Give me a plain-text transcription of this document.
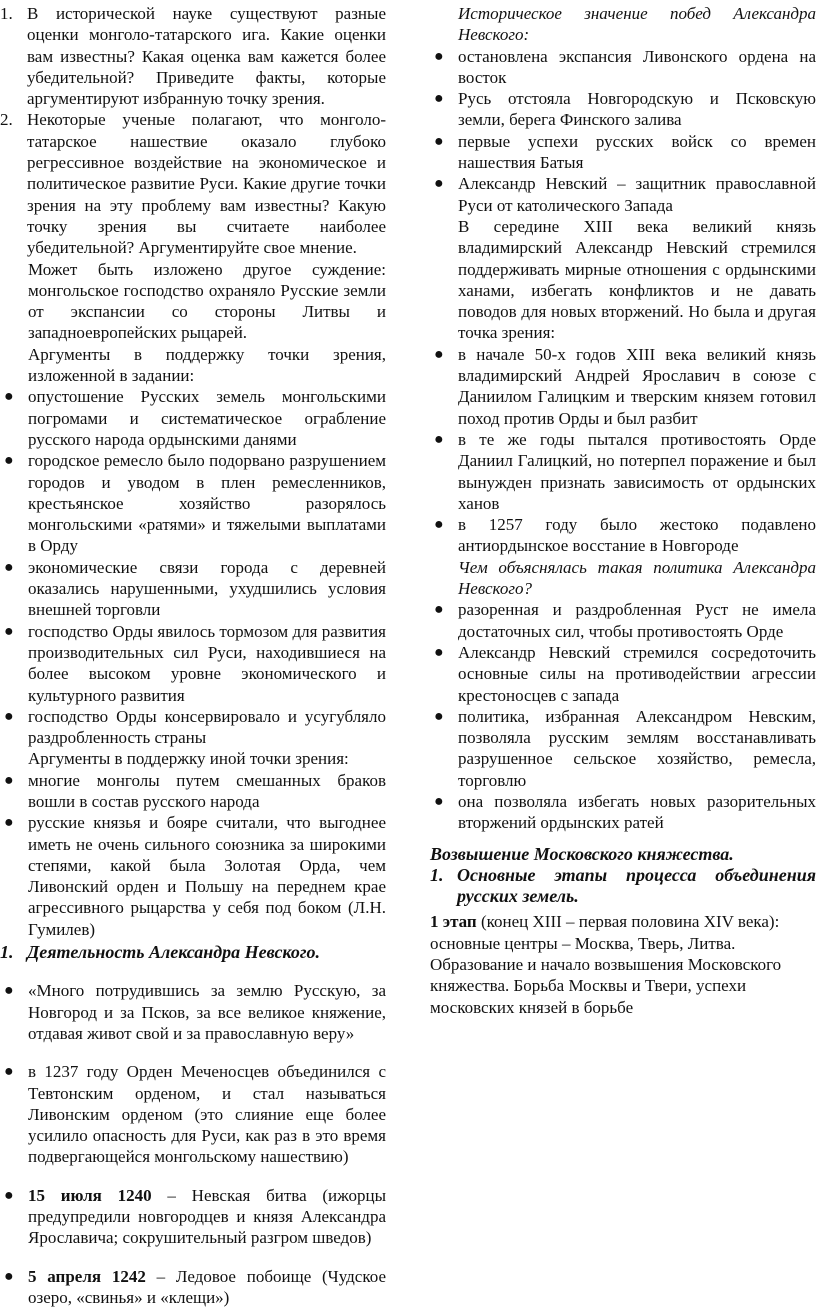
1. В исторической науке существуют разные оценки монголо-татарского ига. Какие оценки вам известны? Какая оценка вам кажется более убедительной? Приведите факты, которые аргументируют избранную точку зрения.

2. Некоторые ученые полагают, что монголо-татарское нашествие оказало глубоко регрессивное воздействие на экономическое и политическое развитие Руси. Какие другие точки зрения на эту проблему вам известны? Какую точку зрения вы считаете наиболее убедительной? Аргументируйте свое мнение.

Может быть изложено другое суждение: монгольское господство охраняло Русские земли от экспансии со стороны Литвы и западноевропейских рыцарей.

Аргументы в поддержку точки зрения, изложенной в задании:

● опустошение Русских земель монгольскими погромами и систематическое ограбление русского народа ордынскими данями

● городское ремесло было подорвано разрушением городов и уводом в плен ремесленников, крестьянское хозяйство разорялось монгольскими «ратями» и тяжелыми выплатами в Орду

● экономические связи города с деревней оказались нарушенными, ухудшились условия внешней торговли

● господство Орды явилось тормозом для развития производительных сил Руси, находившиеся на более высоком уровне экономического и культурного развития

● господство Орды консервировало и усугубляло раздробленность страны

Аргументы в поддержку иной точки зрения:

● многие монголы путем смешанных браков вошли в состав русского народа

● русские князья и бояре считали, что выгоднее иметь не очень сильного союзника за широкими степями, какой была Золотая Орда, чем Ливонский орден и Польшу на переднем крае агрессивного рыцарства у себя под боком (Л.Н. Гумилев)

1. Деятельность Александра Невского.

● «Много потрудившись за землю Русскую, за Новгород и за Псков, за все великое княжение, отдавая живот свой и за православную веру»

● в 1237 году Орден Меченосцев объединился с Тевтонским орденом, и стал называться Ливонским орденом (это слияние еще более усилило опасность для Руси, как раз в это время подвергающейся монгольскому нашествию)

● 15 июля 1240 – Невская битва (ижорцы предупредили новгородцев и князя Александра Ярославича; сокрушительный разгром шведов)

● 5 апреля 1242 – Ледовое побоище (Чудское озеро, «свинья» и «клещи»)

Историческое значение побед Александра Невского:

● остановлена экспансия Ливонского ордена на восток

● Русь отстояла Новгородскую и Псковскую земли, берега Финского залива

● первые успехи русских войск со времен нашествия Батыя

● Александр Невский – защитник православной Руси от католического Запада

В середине XIII века великий князь владимирский Александр Невский стремился поддерживать мирные отношения с ордынскими ханами, избегать конфликтов и не давать поводов для новых вторжений. Но была и другая точка зрения:

● в начале 50-х годов XIII века великий князь владимирский Андрей Ярославич в союзе с Даниилом Галицким и тверским князем готовил поход против Орды и был разбит

● в те же годы пытался противостоять Орде Даниил Галицкий, но потерпел поражение и был вынужден признать зависимость от ордынских ханов

● в 1257 году было жестоко подавлено антиордынское восстание в Новгороде

Чем объяснялась такая политика Александра Невского?

● разоренная и раздробленная Руст не имела достаточных сил, чтобы противостоять Орде

● Александр Невский стремился сосредоточить основные силы на противодействии агрессии крестоносцев с запада

● политика, избранная Александром Невским, позволяла русским землям восстанавливать разрушенное сельское хозяйство, ремесла, торговлю

● она позволяла избегать новых разорительных вторжений ордынских ратей

Возвышение Московского княжества.

1. Основные этапы процесса объединения русских земель.

1 этап (конец XIII – первая половина XIV века): основные центры – Москва, Тверь, Литва. Образование и начало возвышения Московского княжества. Борьба Москвы и Твери, успехи московских князей в борьбе
